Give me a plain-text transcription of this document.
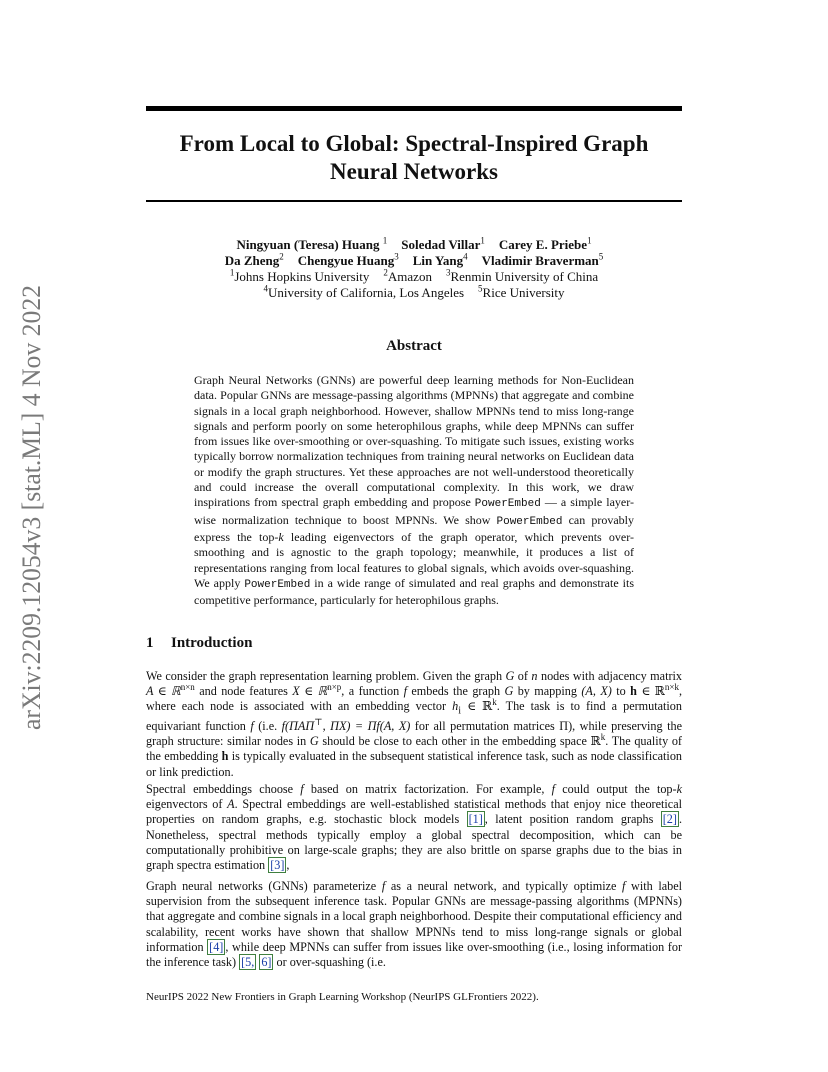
arXiv:2209.12054v3 [stat.ML] 4 Nov 2022
From Local to Global: Spectral-Inspired Graph
Neural Networks
Ningyuan (Teresa) Huang $^1$ Soledad Villar$^1$ Carey E. Priebe$^1$
Da Zheng$^2$ Chengyue Huang$^3$ Lin Yang$^4$ Vladimir Braverman$^5$
$^1$Johns Hopkins University $^2$Amazon $^3$Renmin University of China
$^4$University of California, Los Angeles $^5$Rice University
Abstract
Graph Neural Networks (GNNs) are powerful deep learning methods for Non-Euclidean data. Popular GNNs are message-passing algorithms (MPNNs) that aggregate and combine signals in a local graph neighborhood. However, shallow MPNNs tend to miss long-range signals and perform poorly on some heterophilous graphs, while deep MPNNs can suffer from issues like over-smoothing or over-squashing. To mitigate such issues, existing works typically borrow normalization techniques from training neural networks on Euclidean data or modify the graph structures. Yet these approaches are not well-understood theoretically and could increase the overall computational complexity. In this work, we draw inspirations from spectral graph embedding and propose PowerEmbed — a simple layer-wise normalization technique to boost MPNNs. We show PowerEmbed can provably express the top-k leading eigenvectors of the graph operator, which prevents over-smoothing and is agnostic to the graph topology; meanwhile, it produces a list of representations ranging from local features to global signals, which avoids over-squashing. We apply PowerEmbed in a wide range of simulated and real graphs and demonstrate its competitive performance, particularly for heterophilous graphs.
1 Introduction
We consider the graph representation learning problem. Given the graph G of n nodes with adjacency matrix A ∈ ℝ$^{n\times n}$ and node features X ∈ ℝ$^{n\times p}$, a function f embeds the graph G by mapping (A, X) to h ∈ ℝ$^{n\times k}$, where each node is associated with an embedding vector $h_i$ ∈ ℝ$^k$. The task is to find a permutation equivariant function f (i.e. f(ΠAΠ⊤, ΠX) = Πf(A, X) for all permutation matrices Π), while preserving the graph structure: similar nodes in G should be close to each other in the embedding space ℝ$^k$. The quality of the embedding h is typically evaluated in the subsequent statistical inference task, such as node classification or link prediction.
Spectral embeddings choose f based on matrix factorization. For example, f could output the top-k eigenvectors of A. Spectral embeddings are well-established statistical methods that enjoy nice theoretical properties on random graphs, e.g. stochastic block models [1] , latent position random graphs [2] . Nonetheless, spectral methods typically employ a global spectral decomposition, which can be computationally prohibitive on large-scale graphs; they are also brittle on sparse graphs due to the bias in graph spectra estimation [3] ,
Graph neural networks (GNNs) parameterize f as a neural network, and typically optimize f with label supervision from the subsequent inference task. Popular GNNs are message-passing algorithms (MPNNs) that aggregate and combine signals in a local graph neighborhood. Despite their computational efficiency and scalability, recent works have shown that shallow MPNNs tend to miss long-range signals or global information [4] , while deep MPNNs can suffer from issues like over-smoothing (i.e., losing information for the inference task) [5, 6] or over-squashing (i.e.
NeurIPS 2022 New Frontiers in Graph Learning Workshop (NeurIPS GLFrontiers 2022).
